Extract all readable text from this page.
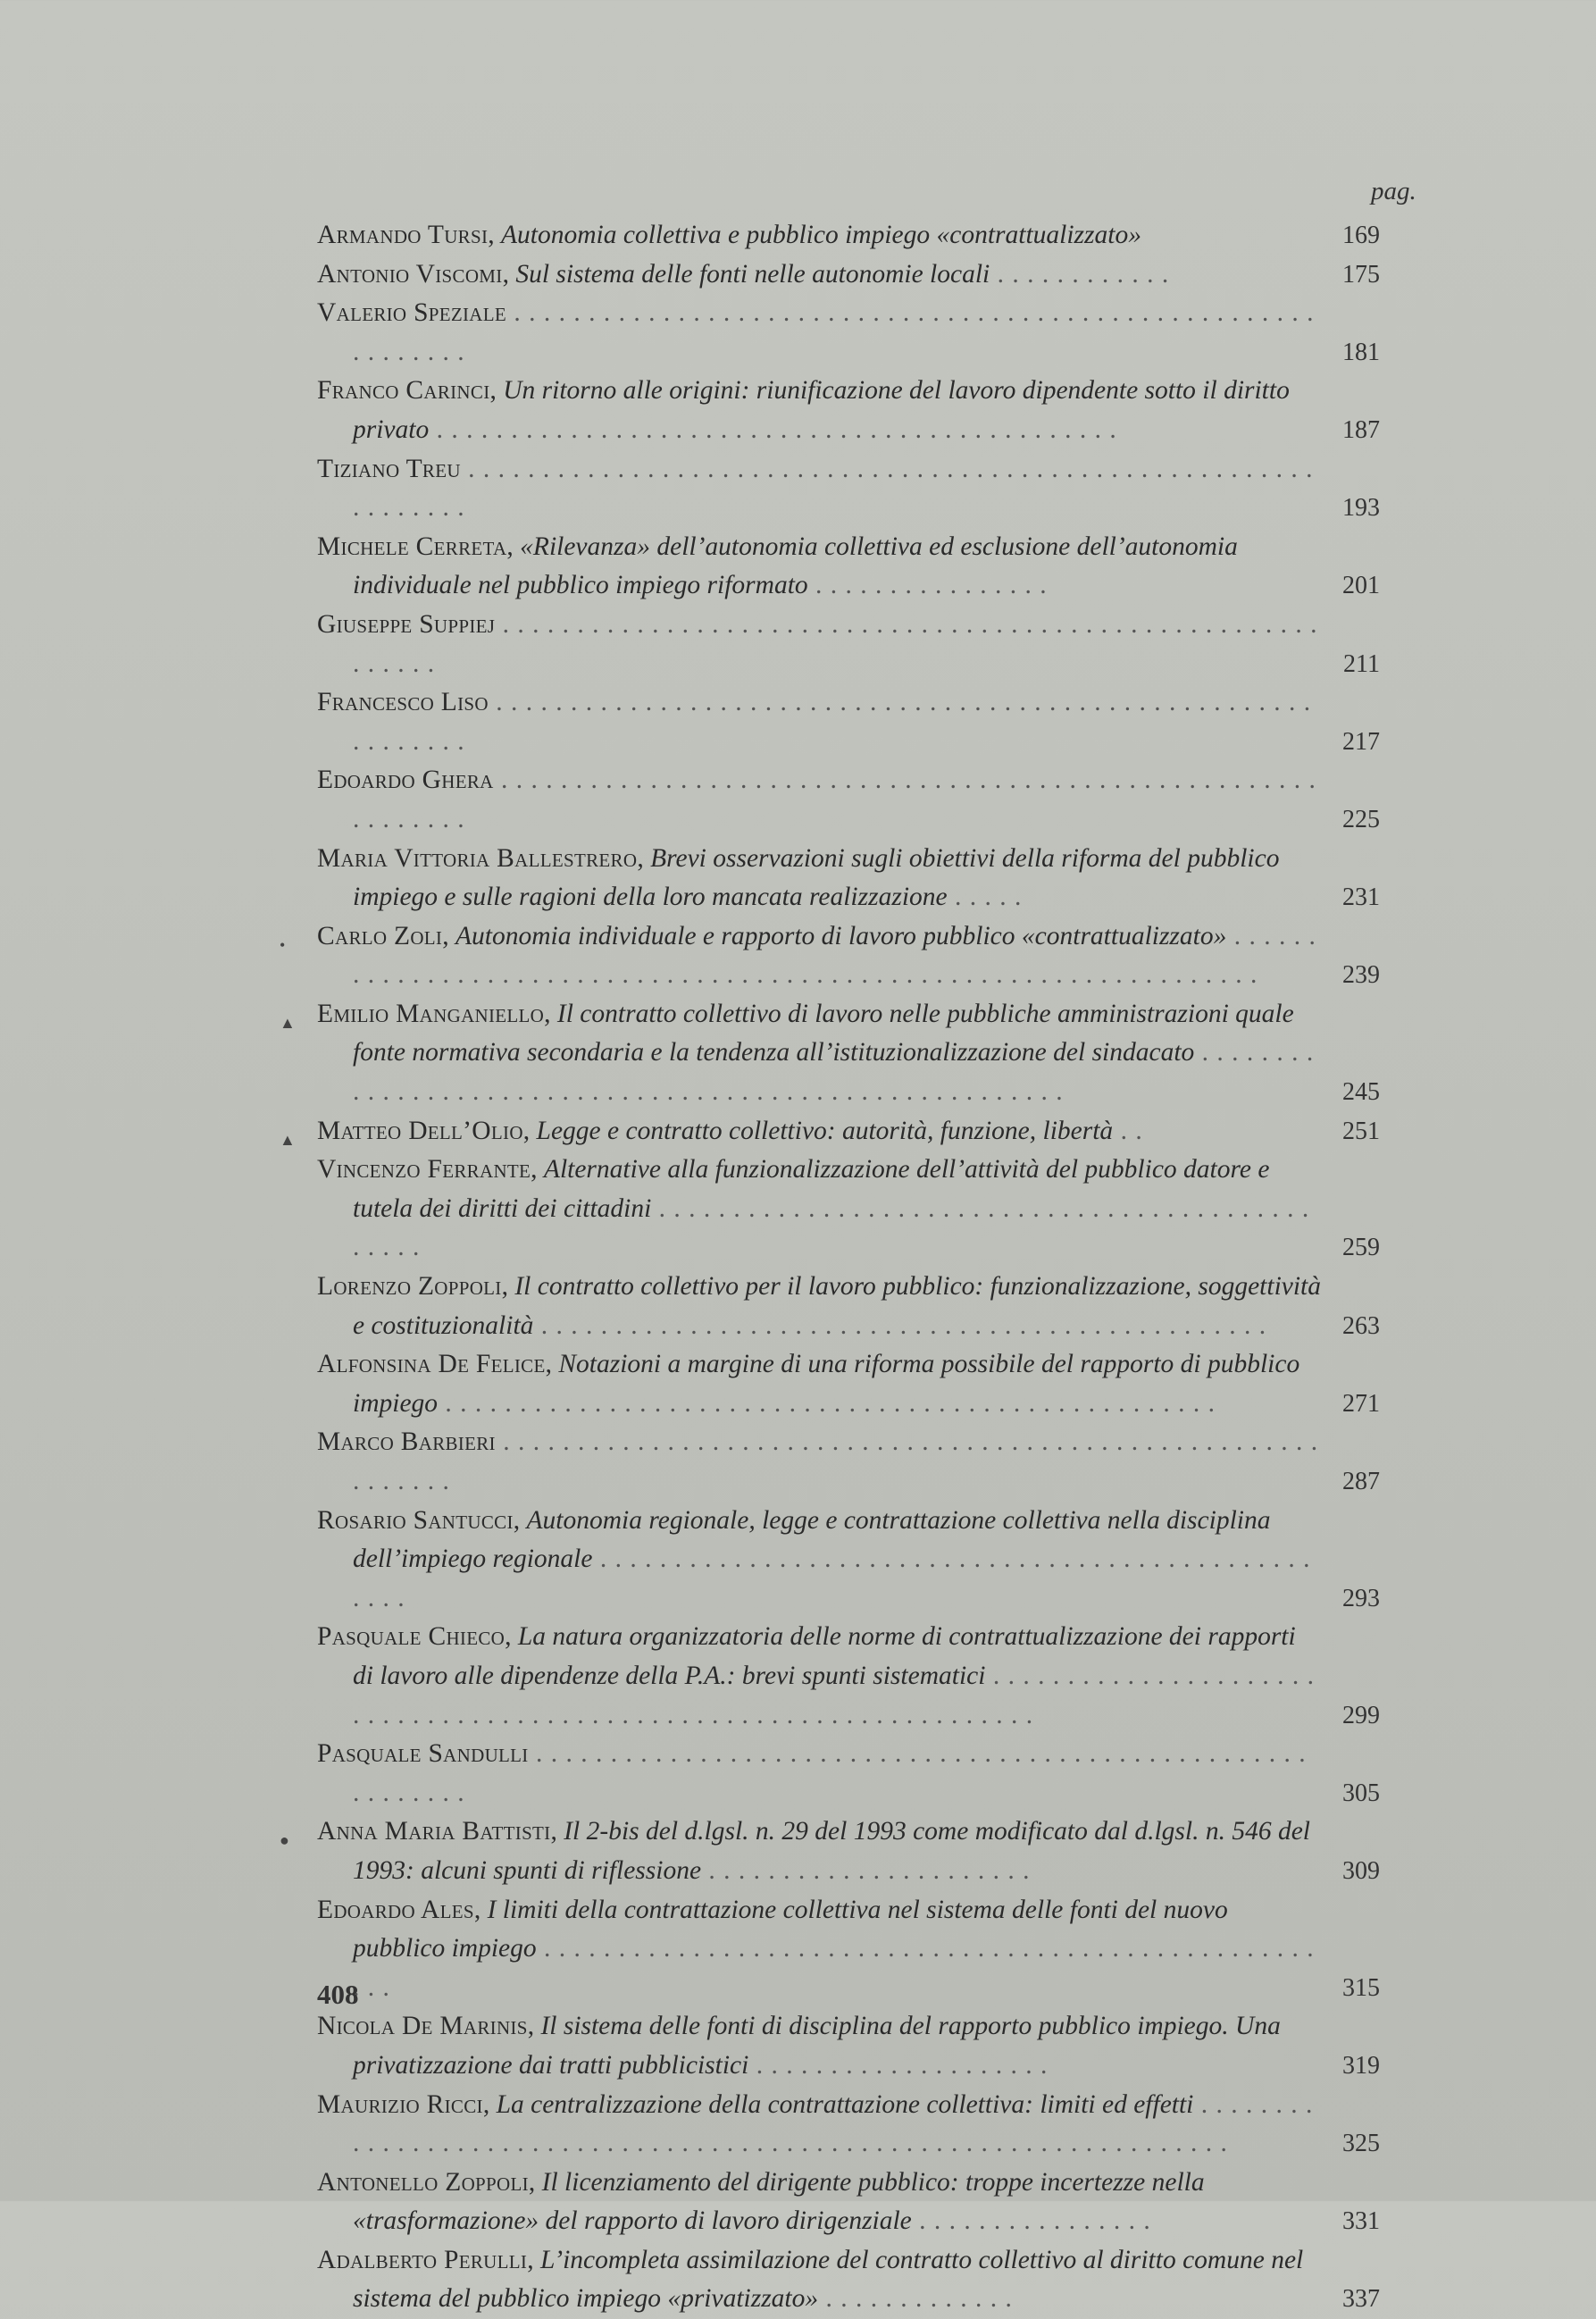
pag.
Armando Tursi, Autonomia collettiva e pubblico impiego «contrattualizzato»	169
Antonio Viscomi, Sul sistema delle fonti nelle autonomie locali . . . . . . . . . . . .	175
Valerio Speziale . . . . . . . . . . . . . . . . . . . . . . . . . . . . . . . . . . . . . . . . . . . . . . . . . . . . . . . . . . . . . .	181
Franco Carinci, Un ritorno alle origini: riunificazione del lavoro dipendente sotto il diritto privato . . . . . . . . . . . . . . . . . . . . . . . . . . . . . . . . . . . . . . . . . . . . . .	187
Tiziano Treu . . . . . . . . . . . . . . . . . . . . . . . . . . . . . . . . . . . . . . . . . . . . . . . . . . . . . . . . . . . . . . . . .	193
Michele Cerreta, «Rilevanza» dell’autonomia collettiva ed esclusione dell’autonomia individuale nel pubblico impiego riformato . . . . . . . . . . . . . . . .	201
Giuseppe Suppiej . . . . . . . . . . . . . . . . . . . . . . . . . . . . . . . . . . . . . . . . . . . . . . . . . . . . . . . . . . . . .	211
Francesco Liso . . . . . . . . . . . . . . . . . . . . . . . . . . . . . . . . . . . . . . . . . . . . . . . . . . . . . . . . . . . . . . .	217
Edoardo Ghera . . . . . . . . . . . . . . . . . . . . . . . . . . . . . . . . . . . . . . . . . . . . . . . . . . . . . . . . . . . . . . .	225
Maria Vittoria Ballestrero, Brevi osservazioni sugli obiettivi della riforma del pubblico impiego e sulle ragioni della loro mancata realizzazione . . . . .	231
• Carlo Zoli, Autonomia individuale e rapporto di lavoro pubblico «contrattualizzato» . . . . . . . . . . . . . . . . . . . . . . . . . . . . . . . . . . . . . . . . . . . . . . . . . . . . . . . . . . . . . . . . . . .	239
▲ Emilio Manganiello, Il contratto collettivo di lavoro nelle pubbliche amministrazioni quale fonte normativa secondaria e la tendenza all’istituzionalizzazione del sindacato . . . . . . . . . . . . . . . . . . . . . . . . . . . . . . . . . . . . . . . . . . . . . . . . . . . . . . . .	245
▲ Matteo Dell’Olio, Legge e contratto collettivo: autorità, funzione, libertà . .	251
Vincenzo Ferrante, Alternative alla funzionalizzazione dell’attività del pubblico datore e tutela dei diritti dei cittadini . . . . . . . . . . . . . . . . . . . . . . . . . . . . . . . . . . . . . . . . . . . . . . . . .	259
Lorenzo Zoppoli, Il contratto collettivo per il lavoro pubblico: funzionalizzazione, soggettività e costituzionalità . . . . . . . . . . . . . . . . . . . . . . . . . . . . . . . . . . . . . . . . . . . . . . . . .	263
Alfonsina De Felice, Notazioni a margine di una riforma possibile del rapporto di pubblico impiego . . . . . . . . . . . . . . . . . . . . . . . . . . . . . . . . . . . . . . . . . . . . . . . . . . . .	271
Marco Barbieri . . . . . . . . . . . . . . . . . . . . . . . . . . . . . . . . . . . . . . . . . . . . . . . . . . . . . . . . . . . . . .	287
Rosario Santucci, Autonomia regionale, legge e contrattazione collettiva nella disciplina dell’impiego regionale . . . . . . . . . . . . . . . . . . . . . . . . . . . . . . . . . . . . . . . . . . . . . . . . . . . .	293
Pasquale Chieco, La natura organizzatoria delle norme di contrattualizzazione dei rapporti di lavoro alle dipendenze della P.A.: brevi spunti sistematici . . . . . . . . . . . . . . . . . . . . . . . . . . . . . . . . . . . . . . . . . . . . . . . . . . . . . . . . . . . . . . . . . . . .	299
Pasquale Sandulli . . . . . . . . . . . . . . . . . . . . . . . . . . . . . . . . . . . . . . . . . . . . . . . . . . . . . . . . . . . .	305
● Anna Maria Battisti, Il 2-bis del d.lgsl. n. 29 del 1993 come modificato dal d.lgsl. n. 546 del 1993: alcuni spunti di riflessione . . . . . . . . . . . . . . . . . . . . . .	309
Edoardo Ales, I limiti della contrattazione collettiva nel sistema delle fonti del nuovo pubblico impiego . . . . . . . . . . . . . . . . . . . . . . . . . . . . . . . . . . . . . . . . . . . . . . . . . . . . . . .	315
Nicola De Marinis, Il sistema delle fonti di disciplina del rapporto pubblico impiego. Una privatizzazione dai tratti pubblicistici . . . . . . . . . . . . . . . . . . . .	319
Maurizio Ricci, La centralizzazione della contrattazione collettiva: limiti ed effetti . . . . . . . . . . . . . . . . . . . . . . . . . . . . . . . . . . . . . . . . . . . . . . . . . . . . . . . . . . . . . . . . . . .	325
Antonello Zoppoli, Il licenziamento del dirigente pubblico: troppe incertezze nella «trasformazione» del rapporto di lavoro dirigenziale . . . . . . . . . . . . . . . .	331
Adalberto Perulli, L’incompleta assimilazione del contratto collettivo al diritto comune nel sistema del pubblico impiego «privatizzato» . . . . . . . . . . . . .	337
408
